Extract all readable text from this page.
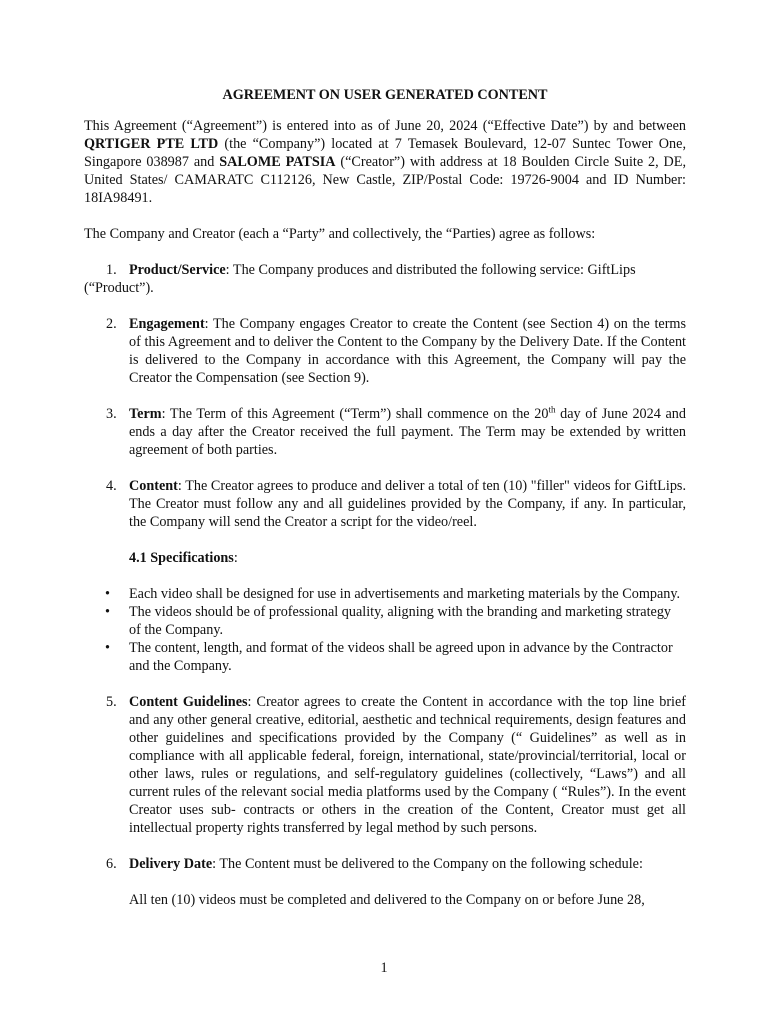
AGREEMENT ON USER GENERATED CONTENT

This Agreement (“Agreement”) is entered into as of June 20, 2024 (“Effective Date”) by and between QRTIGER PTE LTD (the “Company”) located at 7 Temasek Boulevard, 12-07 Suntec Tower One, Singapore 038987 and SALOME PATSIA (“Creator”) with address at 18 Boulden Circle Suite 2, DE, United States/ CAMARATC C112126, New Castle, ZIP/Postal Code: 19726-9004 and ID Number: 18IA98491.

The Company and Creator (each a “Party” and collectively, the “Parties) agree as follows:

1. Product/Service: The Company produces and distributed the following service: GiftLips (“Product”).

2. Engagement: The Company engages Creator to create the Content (see Section 4) on the terms of this Agreement and to deliver the Content to the Company by the Delivery Date. If the Content is delivered to the Company in accordance with this Agreement, the Company will pay the Creator the Compensation (see Section 9).
3. Term: The Term of this Agreement (“Term”) shall commence on the 20th day of June 2024 and ends a day after the Creator received the full payment. The Term may be extended by written agreement of both parties.
4. Content: The Creator agrees to produce and deliver a total of ten (10) "filler" videos for GiftLips. The Creator must follow any and all guidelines provided by the Company, if any. In particular, the Company will send the Creator a script for the video/reel.
4.1 Specifications:
• Each video shall be designed for use in advertisements and marketing materials by the Company.
• The videos should be of professional quality, aligning with the branding and marketing strategy of the Company.
• The content, length, and format of the videos shall be agreed upon in advance by the Contractor and the Company.
5. Content Guidelines: Creator agrees to create the Content in accordance with the top line brief and any other general creative, editorial, aesthetic and technical requirements, design features and other guidelines and specifications provided by the Company (“ Guidelines” as well as in compliance with all applicable federal, foreign, international, state/provincial/territorial, local or other laws, rules or regulations, and self-regulatory guidelines (collectively, “Laws”) and all current rules of the relevant social media platforms used by the Company ( “Rules”). In the event Creator uses sub- contracts or others in the creation of the Content, Creator must get all intellectual property rights transferred by legal method by such persons.
6. Delivery Date: The Content must be delivered to the Company on the following schedule:
All ten (10) videos must be completed and delivered to the Company on or before June 28,
1
